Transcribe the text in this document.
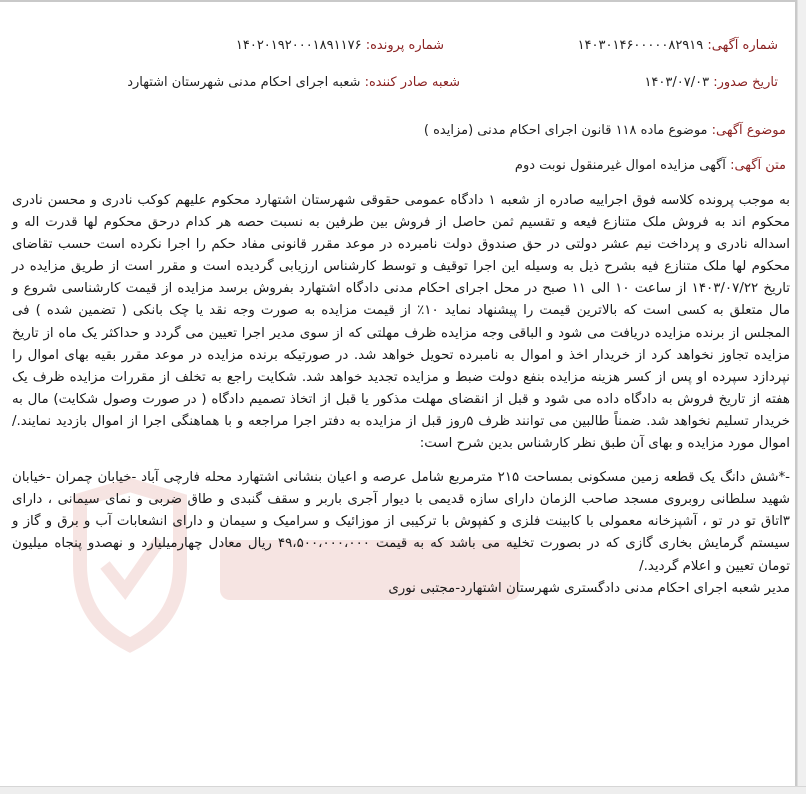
شماره آگهی: ۱۴۰۳۰۱۴۶۰۰۰۰۰۸۲۹۱۹
شماره پرونده: ۱۴۰۲۰۱۹۲۰۰۰۱۸۹۱۱۷۶
تاریخ صدور: ۱۴۰۳/۰۷/۰۳
شعبه صادر کننده: شعبه اجرای احکام مدنی شهرستان اشتهارد
موضوع آگهی: موضوع ماده ۱۱۸ قانون اجرای احکام مدنی (مزایده )
متن آگهی: آگهی مزایده اموال غیرمنقول نوبت دوم

به موجب پرونده کلاسه فوق اجراییه صادره از شعبه ۱ دادگاه عمومی حقوقی شهرستان اشتهارد محکوم علیهم کوکب نادری و محسن نادری محکوم اند به فروش ملک متنازع فیعه و تقسیم ثمن حاصل از فروش بین طرفین به نسبت حصه هر کدام درحق محکوم لها قدرت اله و اسداله نادری و پرداخت نیم عشر دولتی در حق صندوق دولت نامبرده در موعد مقرر قانونی مفاد حکم را اجرا نکرده است حسب تقاضای محکوم لها ملک متنازع فیه بشرح ذیل به وسیله این اجرا توقیف و توسط کارشناس ارزیابی گردیده است و مقرر است از طریق مزایده در تاریخ ۱۴۰۳/۰۷/۲۲ از ساعت ۱۰ الی ۱۱ صبح در محل اجرای احکام مدنی دادگاه اشتهارد بفروش برسد مزایده از قیمت کارشناسی شروع و مال متعلق به کسی است که بالاترین قیمت را پیشنهاد نماید ۱۰٪ از قیمت مزایده به صورت وجه نقد یا چک بانکی ( تضمین شده ) فی المجلس از برنده مزایده دریافت می شود و الباقی وجه مزایده ظرف مهلتی که از سوی مدیر اجرا تعیین می گردد و حداکثر یک ماه از تاریخ مزایده تجاوز نخواهد کرد از خریدار اخذ و اموال به نامبرده تحویل خواهد شد. در صورتیکه برنده مزایده در موعد مقرر بقیه بهای اموال را نپردازد سپرده او پس از کسر هزینه مزایده بنفع دولت ضبط و مزایده تجدید خواهد شد. شکایت راجع به تخلف از مقررات مزایده ظرف یک هفته از تاریخ فروش به دادگاه داده می شود و قبل از انقضای مهلت مذکور یا قبل از اتخاذ تصمیم دادگاه ( در صورت وصول شکایت) مال به خریدار تسلیم نخواهد شد. ضمناً طالبین می توانند ظرف ۵روز قبل از مزایده به دفتر اجرا مراجعه و با هماهنگی اجرا از اموال بازدید نمایند./اموال مورد مزایده و بهای آن طبق نظر کارشناس بدین شرح است:

-*شش دانگ یک قطعه زمین مسکونی بمساحت ۲۱۵ مترمربع شامل عرصه و اعیان بنشانی اشتهارد محله فارچی آباد -خیابان چمران -خیابان شهید سلطانی روبروی مسجد صاحب الزمان دارای سازه قدیمی با دیوار آجری باربر و سقف گنبدی و طاق ضربی و نمای سیمانی ، دارای ۳اتاق تو در تو ، آشپزخانه معمولی با کابینت فلزی و کفپوش با ترکیبی از موزائیک و سرامیک و سیمان و دارای انشعابات آب و برق و گاز و سیستم گرمایش بخاری گازی که در بصورت تخلیه می باشد که به قیمت ۴۹،۵۰۰،۰۰۰،۰۰۰ ریال معادل چهارمیلیارد و نهصدو پنجاه میلیون تومان تعیین و اعلام گردید./

مدیر شعبه اجرای احکام مدنی دادگستری شهرستان اشتهارد-مجتبی نوری
